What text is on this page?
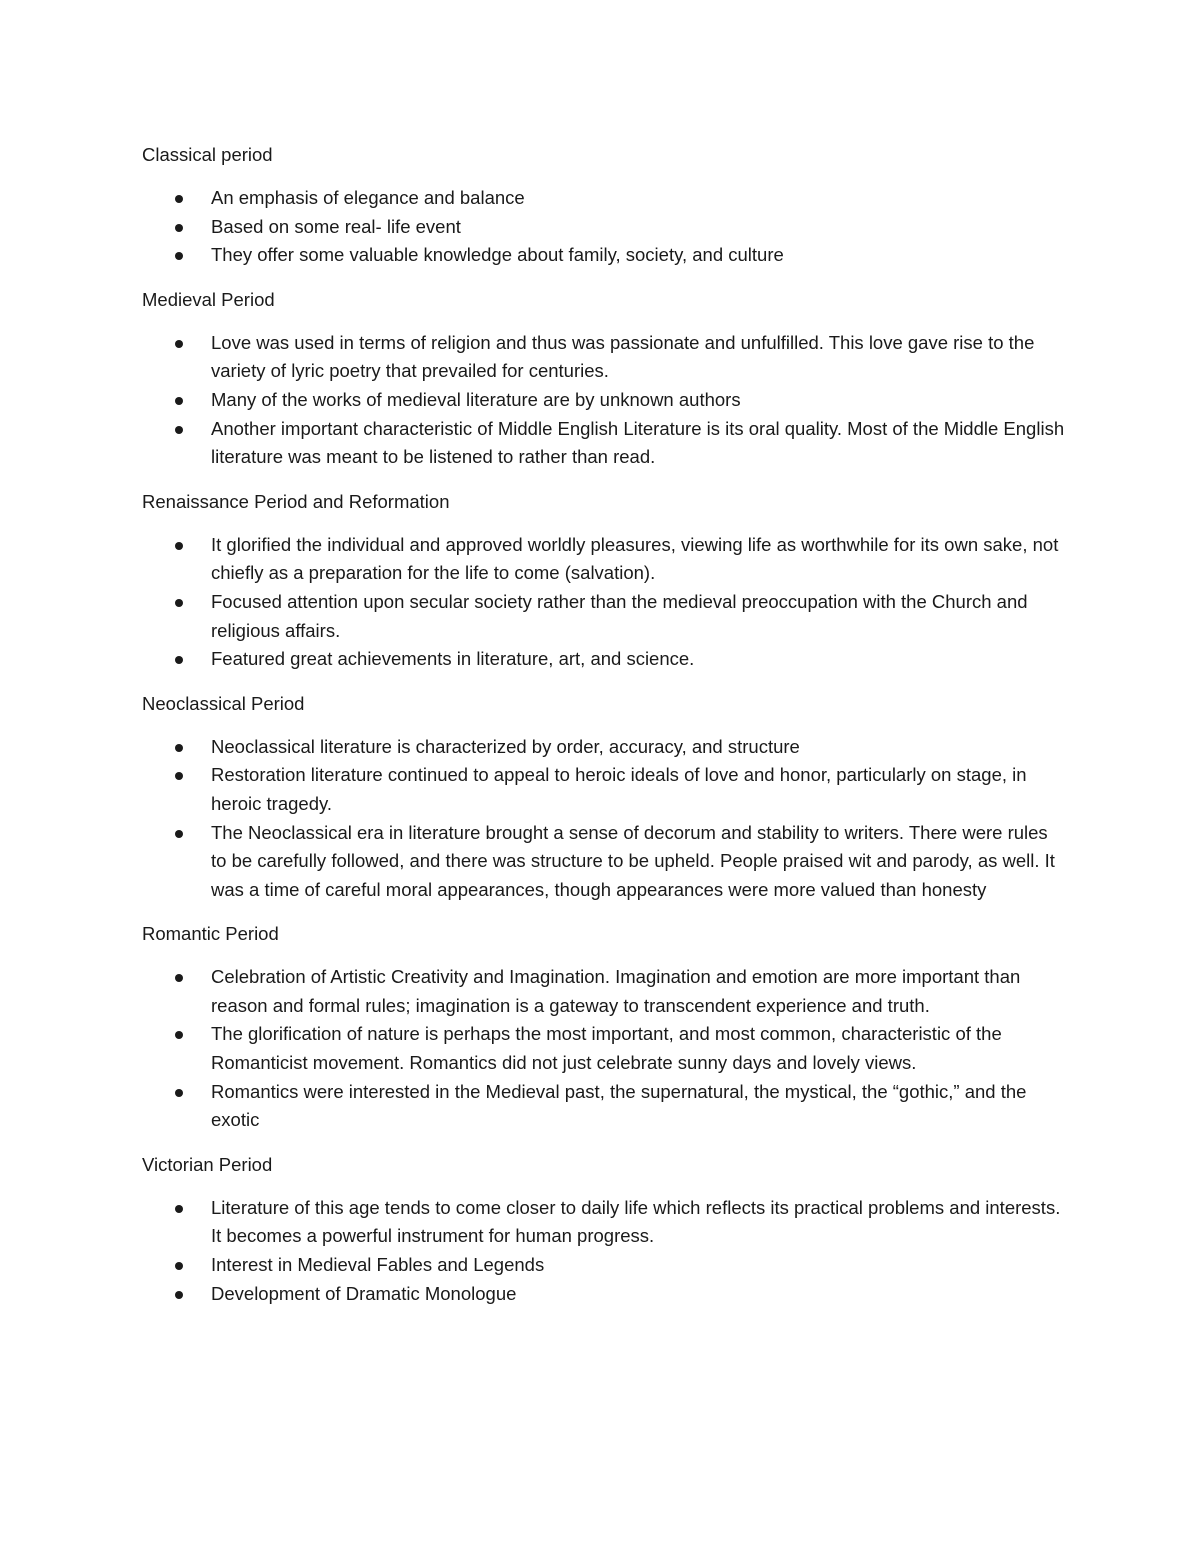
Classical period
An emphasis of elegance and balance
Based on some real- life event
They offer some valuable knowledge about family, society, and culture
Medieval Period
Love was used in terms of religion and thus was passionate and unfulfilled. This love gave rise to the variety of lyric poetry that prevailed for centuries.
Many of the works of medieval literature are by unknown authors
Another important characteristic of Middle English Literature is its oral quality. Most of the Middle English literature was meant to be listened to rather than read.
Renaissance Period and Reformation
It glorified the individual and approved worldly pleasures, viewing life as worthwhile for its own sake, not chiefly as a preparation for the life to come (salvation).
Focused attention upon secular society rather than the medieval preoccupation with the Church and religious affairs.
Featured great achievements in literature, art, and science.
Neoclassical Period
Neoclassical literature is characterized by order, accuracy, and structure
Restoration literature continued to appeal to heroic ideals of love and honor, particularly on stage, in heroic tragedy.
The Neoclassical era in literature brought a sense of decorum and stability to writers. There were rules to be carefully followed, and there was structure to be upheld. People praised wit and parody, as well. It was a time of careful moral appearances, though appearances were more valued than honesty
Romantic Period
Celebration of Artistic Creativity and Imagination. Imagination and emotion are more important than reason and formal rules; imagination is a gateway to transcendent experience and truth.
The glorification of nature is perhaps the most important, and most common, characteristic of the Romanticist movement. Romantics did not just celebrate sunny days and lovely views.
Romantics were interested in the Medieval past, the supernatural, the mystical, the “gothic,” and the exotic
Victorian Period
Literature of this age tends to come closer to daily life which reflects its practical problems and interests. It becomes a powerful instrument for human progress.
Interest in Medieval Fables and Legends
Development of Dramatic Monologue
